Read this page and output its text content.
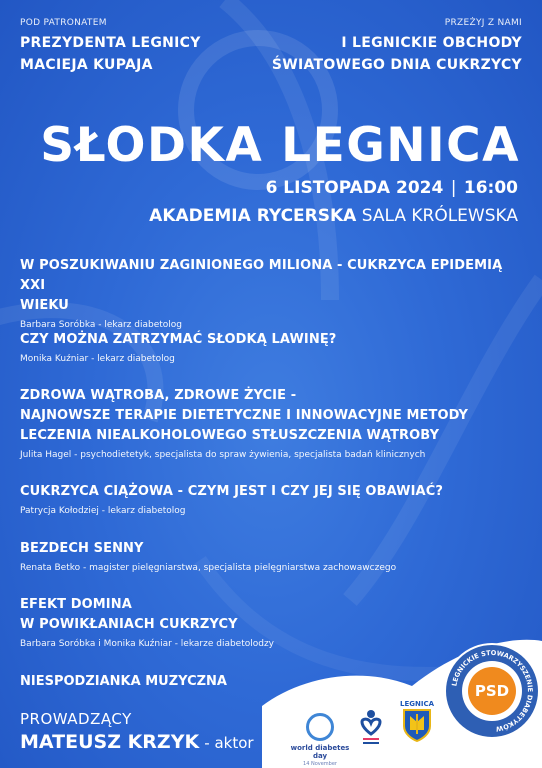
POD PATRONATEM
PREZYDENTA LEGNICY
MACIEJA KUPAJA
PRZEŻYJ Z NAMI
I LEGNICKIE OBCHODY
ŚWIATOWEGO DNIA CUKRZYCY
SŁODKA LEGNICA
6 LISTOPADA 2024 | 16:00
AKADEMIA RYCERSKA SALA KRÓLEWSKA
W POSZUKIWANIU ZAGINIONEGO MILIONA - CUKRZYCA EPIDEMIĄ XXI
WIEKU
Barbara Sorόbka - lekarz diabetolog
CZY MOŻNA ZATRZYMAĆ SŁODKĄ LAWINĘ?
Monika Kuźniar - lekarz diabetolog
ZDROWA WĄTROBA, ZDROWE ŻYCIE -
NAJNOWSZE TERAPIE DIETETYCZNE I INNOWACYJNE METODY
LECZENIA NIEALKOHOLOWEGO STŁUSZCZENIA WĄTROBY
Julita Hagel - psychodietetyk, specjalista do spraw żywienia, specjalista badań klinicznych
CUKRZYCA CIĄŻOWA - CZYM JEST I CZY JEJ SIĘ OBAWIAĆ?
Patrycja Kołodziej - lekarz diabetolog
BEZDECH SENNY
Renata Betko - magister pielęgniarstwa, specjalista pielęgniarstwa zachowawczego
EFEKT DOMINA
W POWIKŁANIACH CUKRZYCY
Barbara Sorόbka i Monika Kuźniar - lekarze diabetolodzy
NIESPODZIANKA MUZYCZNA
PROWADZĄCY
MATEUSZ KRZYK - aktor	world diabetes day
14 November
LEGNICA
LEGNICKIE STOWARZYSZENIE DIABETYKÓW
PSD
